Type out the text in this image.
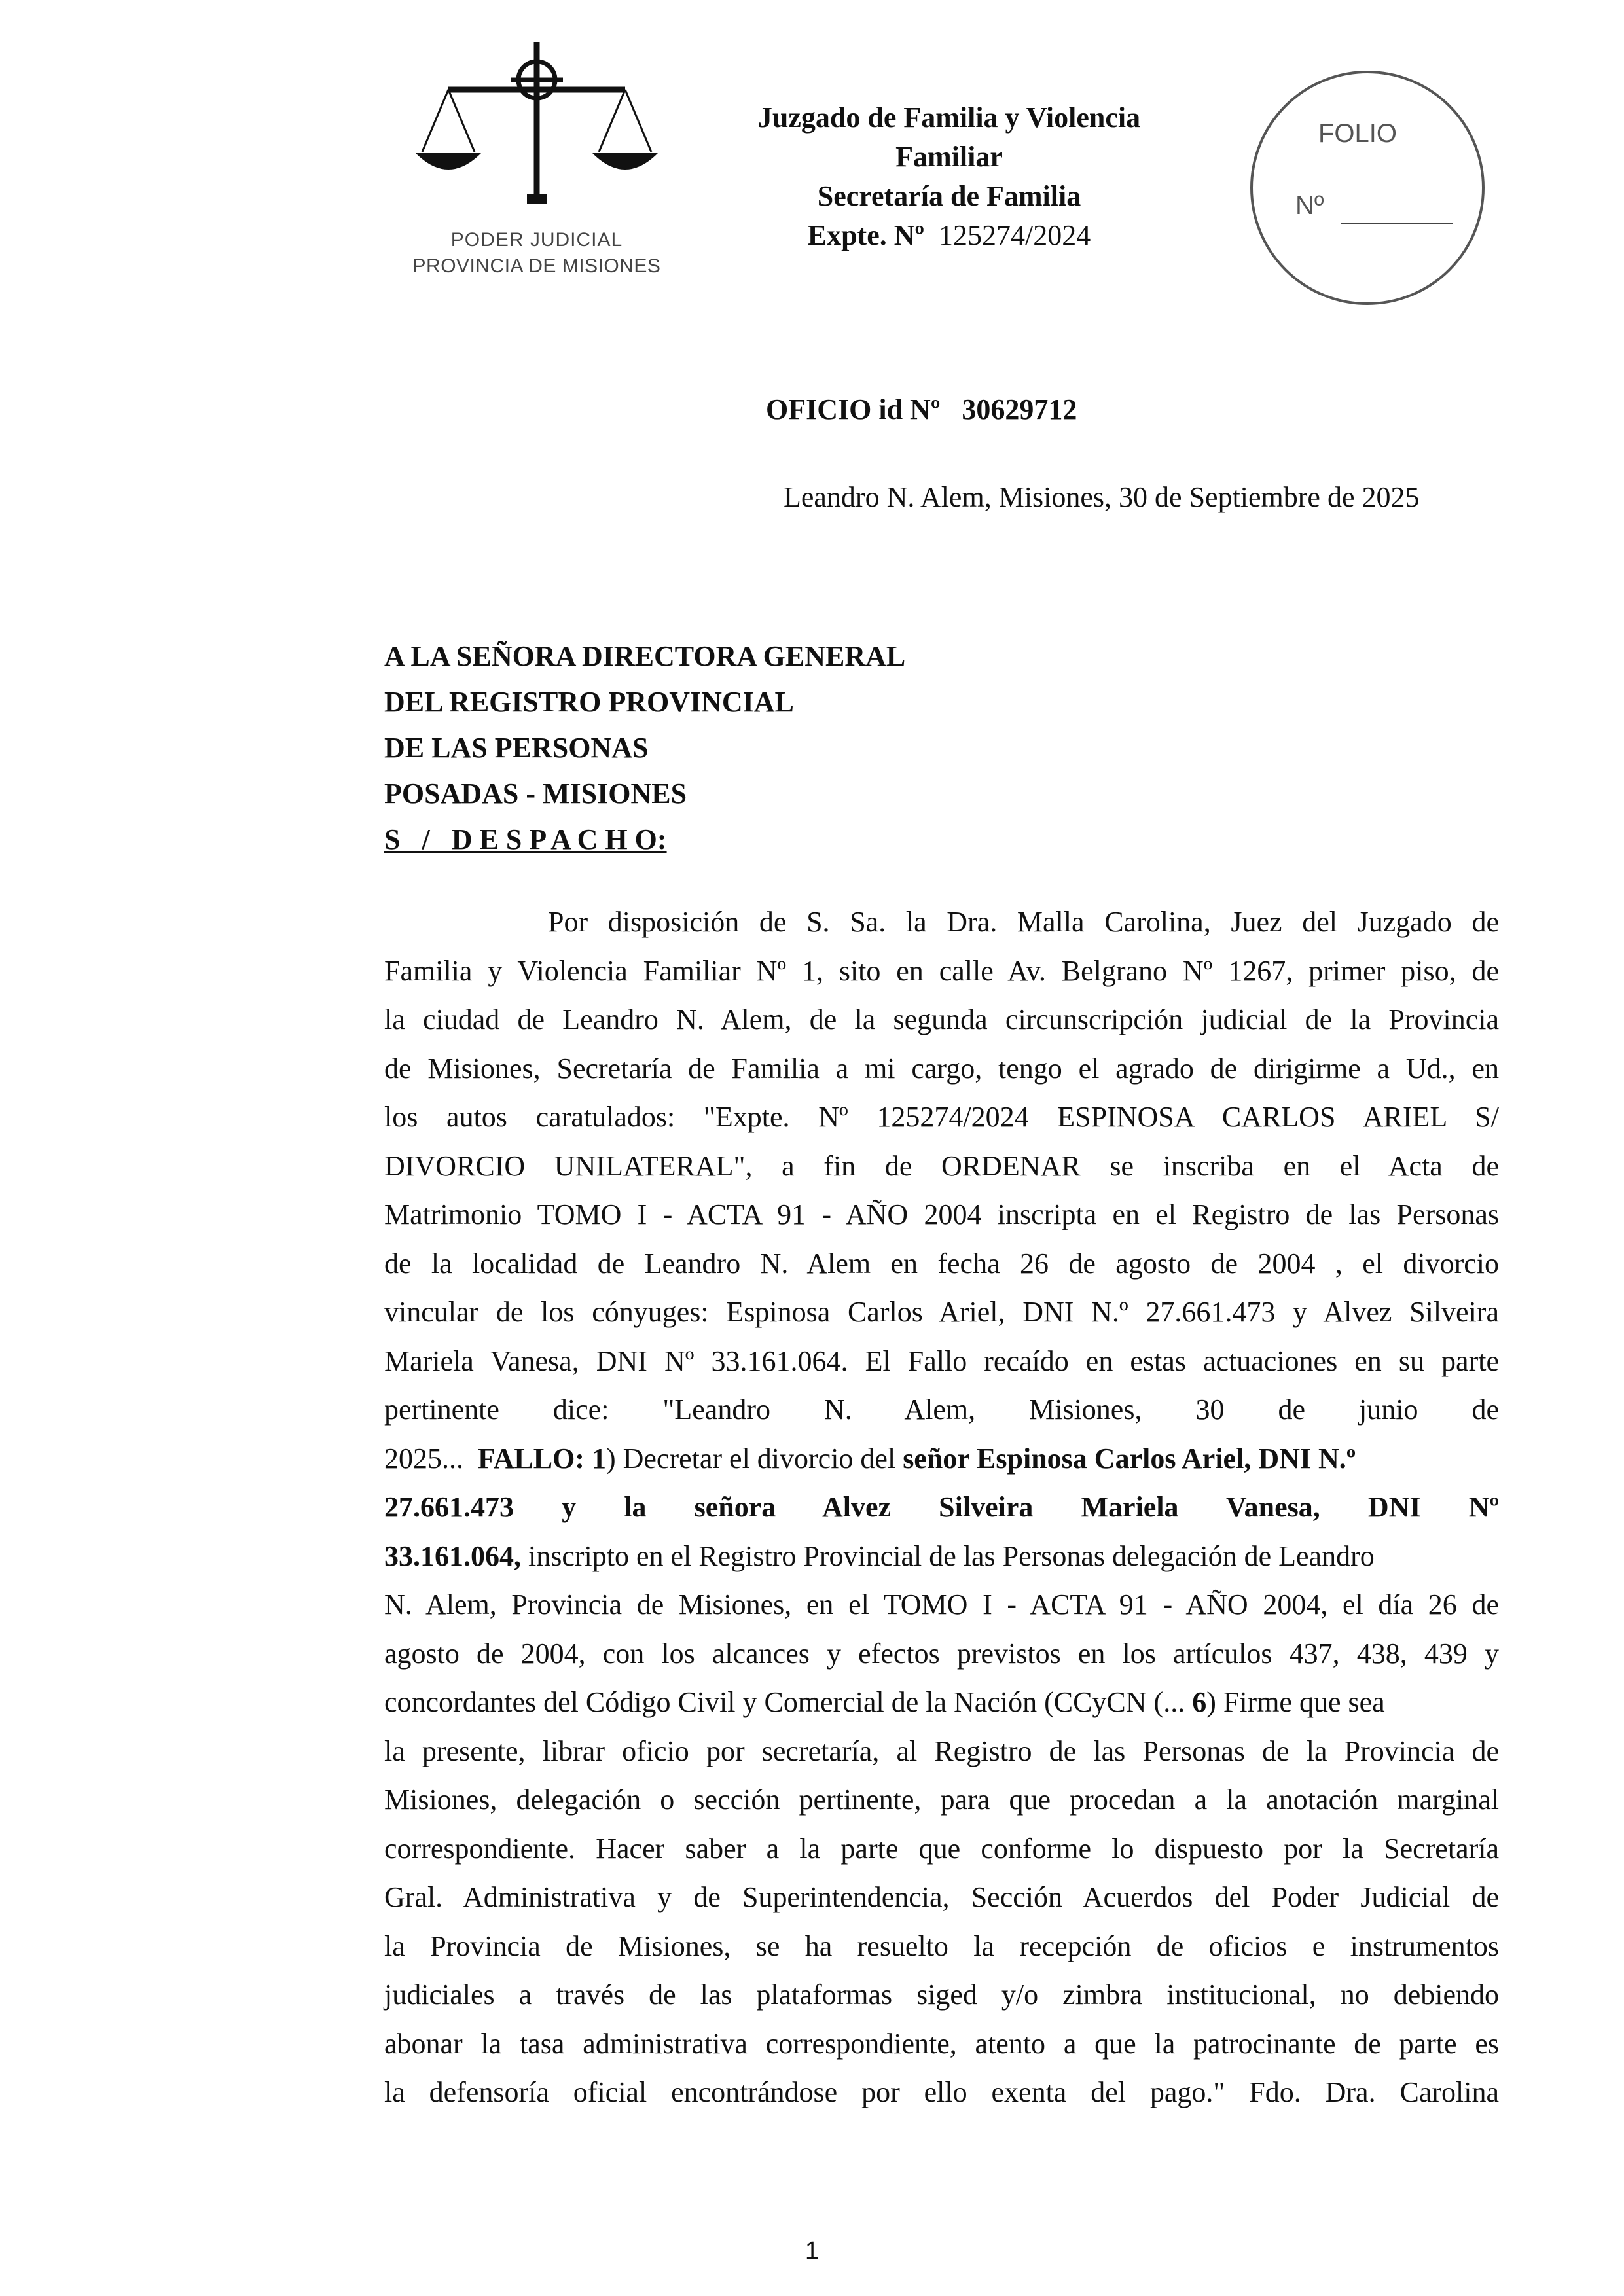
PODER JUDICIAL
PROVINCIA DE MISIONES
Juzgado de Familia y Violencia
Familiar
Secretaría de Familia
Expte. Nº 125274/2024
FOLIO
Nº
OFICIO id Nº 30629712
Leandro N. Alem, Misiones, 30 de Septiembre de 2025
A LA SEÑORA DIRECTORA GENERAL
DEL REGISTRO PROVINCIAL
DE LAS PERSONAS
POSADAS - MISIONES
S   /   D E S P A C H O:
Por disposición de S. Sa. la Dra. Malla Carolina, Juez del Juzgado de
Familia y Violencia Familiar Nº 1, sito en calle Av. Belgrano Nº 1267, primer piso, de
la ciudad de Leandro N. Alem, de la segunda circunscripción judicial de la Provincia
de Misiones, Secretaría de Familia a mi cargo, tengo el agrado de dirigirme a Ud., en
los autos caratulados: "Expte. Nº 125274/2024 ESPINOSA CARLOS ARIEL S/
DIVORCIO UNILATERAL", a fin de ORDENAR se inscriba en el Acta de
Matrimonio TOMO I - ACTA 91 - AÑO 2004 inscripta en el Registro de las Personas
de la localidad de Leandro N. Alem en fecha 26 de agosto de 2004 , el divorcio
vincular de los cónyuges: Espinosa Carlos Ariel, DNI N.º 27.661.473 y Alvez Silveira
Mariela Vanesa, DNI Nº 33.161.064. El Fallo recaído en estas actuaciones en su parte
pertinente dice: "Leandro N. Alem, Misiones, 30 de junio de
2025... FALLO: 1) Decretar el divorcio del señor Espinosa Carlos Ariel, DNI N.º
27.661.473 y la señora Alvez Silveira Mariela Vanesa, DNI Nº
33.161.064, inscripto en el Registro Provincial de las Personas delegación de Leandro
N. Alem, Provincia de Misiones, en el TOMO I - ACTA 91 - AÑO 2004, el día 26 de
agosto de 2004, con los alcances y efectos previstos en los artículos 437, 438, 439 y
concordantes del Código Civil y Comercial de la Nación (CCyCN (... 6) Firme que sea
la presente, librar oficio por secretaría, al Registro de las Personas de la Provincia de
Misiones, delegación o sección pertinente, para que procedan a la anotación marginal
correspondiente. Hacer saber a la parte que conforme lo dispuesto por la Secretaría
Gral. Administrativa y de Superintendencia, Sección Acuerdos del Poder Judicial de
la Provincia de Misiones, se ha resuelto la recepción de oficios e instrumentos
judiciales a través de las plataformas siged y/o zimbra institucional, no debiendo
abonar la tasa administrativa correspondiente, atento a que la patrocinante de parte es
la defensoría oficial encontrándose por ello exenta del pago." Fdo. Dra. Carolina
1
